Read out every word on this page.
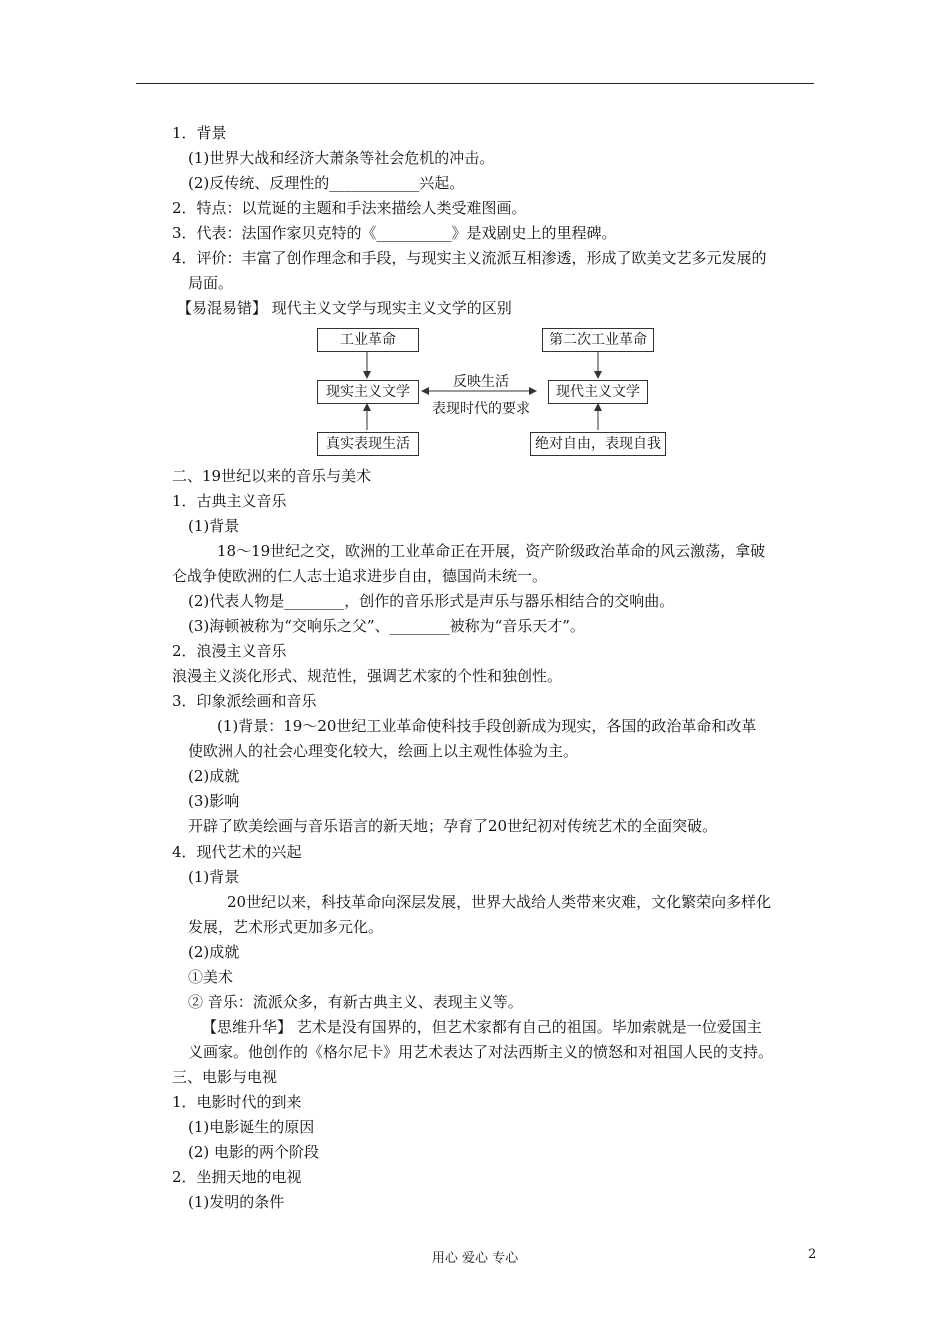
1．背景
(1)世界大战和经济大萧条等社会危机的冲击。
(2)反传统、反理性的____________兴起。
2．特点：以荒诞的主题和手法来描绘人类受难图画。
3．代表：法国作家贝克特的《__________》是戏剧史上的里程碑。
4．评价：丰富了创作理念和手段，与现实主义流派互相渗透，形成了欧美文艺多元发展的
局面。
【易混易错】 现代主义文学与现实主义文学的区别
工业革命
现实主义文学
真实表现生活
第二次工业革命
现代主义文学
绝对自由，表现自我
反映生活
表现时代的要求
二、19世纪以来的音乐与美术
1．古典主义音乐
(1)背景
18～19世纪之交，欧洲的工业革命正在开展，资产阶级政治革命的风云激荡，拿破
仑战争使欧洲的仁人志士追求进步自由，德国尚未统一。
(2)代表人物是________，创作的音乐形式是声乐与器乐相结合的交响曲。
(3)海顿被称为“交响乐之父”、________被称为“音乐天才”。
2．浪漫主义音乐
浪漫主义淡化形式、规范性，强调艺术家的个性和独创性。
3．印象派绘画和音乐
(1)背景：19～20世纪工业革命使科技手段创新成为现实，各国的政治革命和改革
使欧洲人的社会心理变化较大，绘画上以主观性体验为主。
(2)成就
(3)影响
开辟了欧美绘画与音乐语言的新天地；孕育了20世纪初对传统艺术的全面突破。
4．现代艺术的兴起
(1)背景
20世纪以来，科技革命向深层发展，世界大战给人类带来灾难，文化繁荣向多样化
发展，艺术形式更加多元化。
(2)成就
①美术
② 音乐：流派众多，有新古典主义、表现主义等。
【思维升华】 艺术是没有国界的，但艺术家都有自己的祖国。毕加索就是一位爱国主
义画家。他创作的《格尔尼卡》用艺术表达了对法西斯主义的愤怒和对祖国人民的支持。
三、电影与电视
1．电影时代的到来
(1)电影诞生的原因
(2) 电影的两个阶段
2．坐拥天地的电视
(1)发明的条件
用心 爱心 专心	2
